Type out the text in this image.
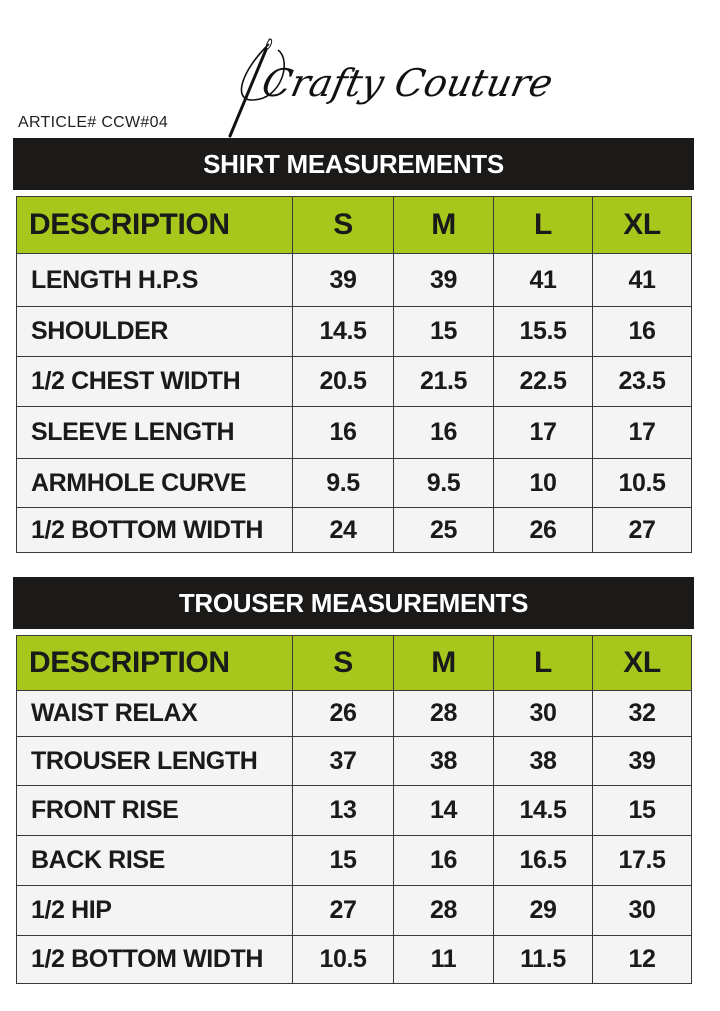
Crafty Couture
ARTICLE# CCW#04
SHIRT MEASUREMENTS
DESCRIPTION	S	M	L	XL
LENGTH H.P.S	39	39	41	41
SHOULDER	14.5	15	15.5	16
1/2 CHEST WIDTH	20.5	21.5	22.5	23.5
SLEEVE LENGTH	16	16	17	17
ARMHOLE CURVE	9.5	9.5	10	10.5
1/2 BOTTOM WIDTH	24	25	26	27
TROUSER MEASUREMENTS
DESCRIPTION	S	M	L	XL
WAIST RELAX	26	28	30	32
TROUSER LENGTH	37	38	38	39
FRONT RISE	13	14	14.5	15
BACK RISE	15	16	16.5	17.5
1/2 HIP	27	28	29	30
1/2 BOTTOM WIDTH	10.5	11	11.5	12
